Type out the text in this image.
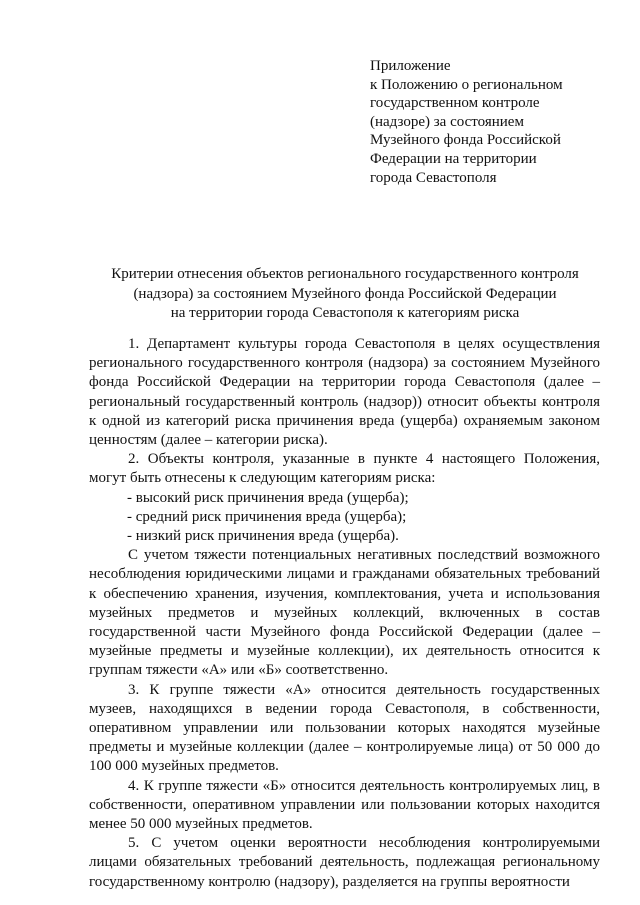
Приложение
к Положению о региональном
государственном контроле
(надзоре) за состоянием
Музейного фонда Российской
Федерации на территории
города Севастополя
Критерии отнесения объектов регионального государственного контроля
(надзора) за состоянием Музейного фонда Российской Федерации
на территории города Севастополя к категориям риска

1. Департамент культуры города Севастополя в целях осуществления регионального государственного контроля (надзора) за состоянием Музейного фонда Российской Федерации на территории города Севастополя (далее – региональный государственный контроль (надзор)) относит объекты контроля к одной из категорий риска причинения вреда (ущерба) охраняемым законом ценностям (далее – категории риска).

2. Объекты контроля, указанные в пункте 4 настоящего Положения, могут быть отнесены к следующим категориям риска:

- высокий риск причинения вреда (ущерба);

- средний риск причинения вреда (ущерба);

- низкий риск причинения вреда (ущерба).

С учетом тяжести потенциальных негативных последствий возможного несоблюдения юридическими лицами и гражданами обязательных требований к обеспечению хранения, изучения, комплектования, учета и использования музейных предметов и музейных коллекций, включенных в состав государственной части Музейного фонда Российской Федерации (далее – музейные предметы и музейные коллекции), их деятельность относится к группам тяжести «А» или «Б» соответственно.

3. К группе тяжести «А» относится деятельность государственных музеев, находящихся в ведении города Севастополя, в собственности, оперативном управлении или пользовании которых находятся музейные предметы и музейные коллекции (далее – контролируемые лица) от 50 000 до 100 000 музейных предметов.

4. К группе тяжести «Б» относится деятельность контролируемых лиц, в собственности, оперативном управлении или пользовании которых находится менее 50 000 музейных предметов.

5. С учетом оценки вероятности несоблюдения контролируемыми лицами обязательных требований деятельность, подлежащая региональному государственному контролю (надзору), разделяется на группы вероятности
